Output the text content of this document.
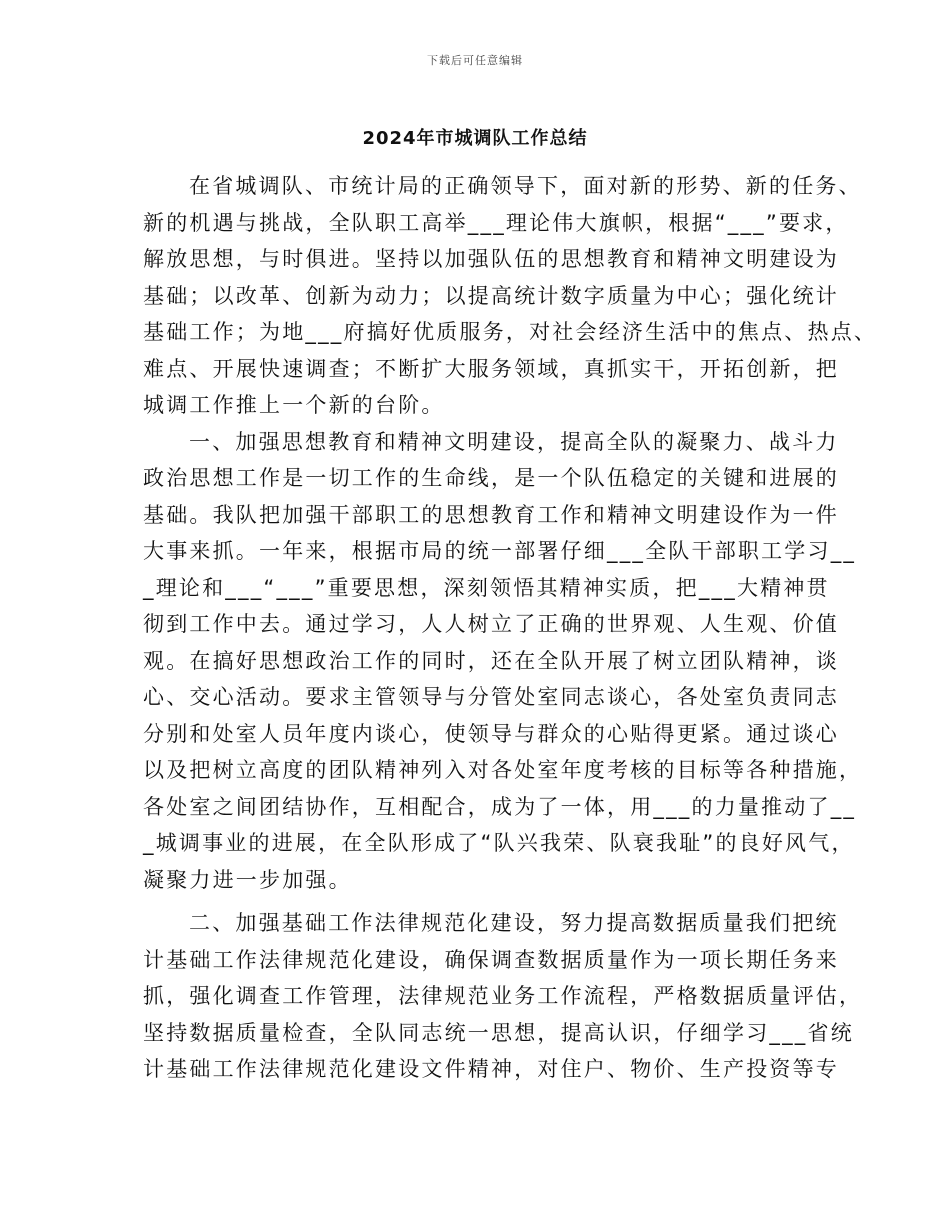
下载后可任意编辑
2024年市城调队工作总结
在省城调队、市统计局的正确领导下，面对新的形势、新的任务、
新的机遇与挑战，全队职工高举___理论伟大旗帜，根据“___”要求，
解放思想，与时俱进。坚持以加强队伍的思想教育和精神文明建设为
基础；以改革、创新为动力；以提高统计数字质量为中心；强化统计
基础工作；为地___府搞好优质服务，对社会经济生活中的焦点、热点、
难点、开展快速调查；不断扩大服务领域，真抓实干，开拓创新，把
城调工作推上一个新的台阶。
一、加强思想教育和精神文明建设，提高全队的凝聚力、战斗力
政治思想工作是一切工作的生命线，是一个队伍稳定的关键和进展的
基础。我队把加强干部职工的思想教育工作和精神文明建设作为一件
大事来抓。一年来，根据市局的统一部署仔细___全队干部职工学习__
_理论和___“___”重要思想，深刻领悟其精神实质，把___大精神贯
彻到工作中去。通过学习，人人树立了正确的世界观、人生观、价值
观。在搞好思想政治工作的同时，还在全队开展了树立团队精神，谈
心、交心活动。要求主管领导与分管处室同志谈心，各处室负责同志
分别和处室人员年度内谈心，使领导与群众的心贴得更紧。通过谈心
以及把树立高度的团队精神列入对各处室年度考核的目标等各种措施，
各处室之间团结协作，互相配合，成为了一体，用___的力量推动了__
_城调事业的进展，在全队形成了“队兴我荣、队衰我耻”的良好风气，
凝聚力进一步加强。
二、加强基础工作法律规范化建设，努力提高数据质量我们把统
计基础工作法律规范化建设，确保调查数据质量作为一项长期任务来
抓，强化调查工作管理，法律规范业务工作流程，严格数据质量评估，
坚持数据质量检查，全队同志统一思想，提高认识，仔细学习___省统
计基础工作法律规范化建设文件精神，对住户、物价、生产投资等专
